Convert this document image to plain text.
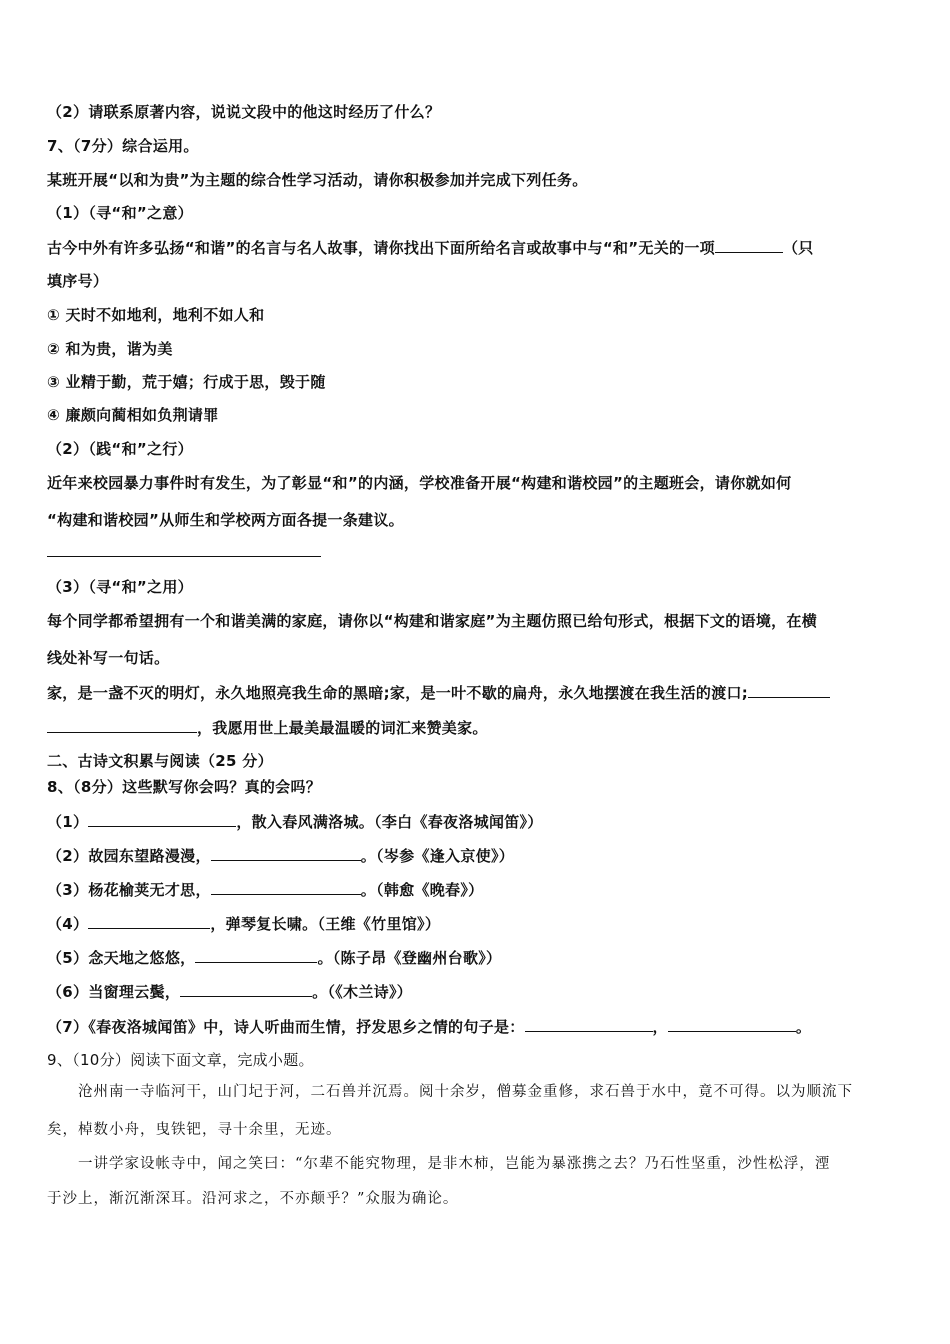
（2）请联系原著内容，说说文段中的他这时经历了什么？
7、（7分）综合运用。
某班开展“以和为贵”为主题的综合性学习活动，请你积极参加并完成下列任务。
（1）（寻“和”之意）
古今中外有许多弘扬“和谐”的名言与名人故事，请你找出下面所给名言或故事中与“和”无关的一项	（只
填序号）
① 天时不如地利，地利不如人和
② 和为贵，谐为美
③ 业精于勤，荒于嬉；行成于思，毁于随
④ 廉颇向蔺相如负荆请罪
（2）（践“和”之行）
近年来校园暴力事件时有发生，为了彰显“和”的内涵，学校准备开展“构建和谐校园”的主题班会，请你就如何
“构建和谐校园”从师生和学校两方面各提一条建议。
（3）（寻“和”之用）
每个同学都希望拥有一个和谐美满的家庭，请你以“构建和谐家庭”为主题仿照已给句形式，根据下文的语境，在横
线处补写一句话。
家，是一盏不灭的明灯，永久地照亮我生命的黑暗;家，是一叶不歇的扁舟，永久地摆渡在我生活的渡口;
，我愿用世上最美最温暖的词汇来赞美家。
二、古诗文积累与阅读（25 分）
8、（8分）这些默写你会吗？真的会吗？
（1）	，散入春风满洛城。（李白《春夜洛城闻笛》）
（2）故园东望路漫漫，	。（岑参《逢入京使》）
（3）杨花榆荚无才思，	。（韩愈《晚春》）
（4）	，弹琴复长啸。（王维《竹里馆》）
（5）念天地之悠悠，	。（陈子昂《登幽州台歌》）
（6）当窗理云鬓，	。（《木兰诗》）
（7）《春夜洛城闻笛》中，诗人听曲而生情，抒发思乡之情的句子是：	，	。
9、（10分）阅读下面文章，完成小题。
沧州南一寺临河干，山门圮于河，二石兽并沉焉。阅十余岁，僧募金重修，求石兽于水中，竟不可得。以为顺流下
矣，棹数小舟，曳铁钯，寻十余里，无迹。
一讲学家设帐寺中，闻之笑曰：“尔辈不能究物理，是非木柿，岂能为暴涨携之去？乃石性坚重，沙性松浮，湮
于沙上，渐沉渐深耳。沿河求之，不亦颠乎？”众服为确论。
